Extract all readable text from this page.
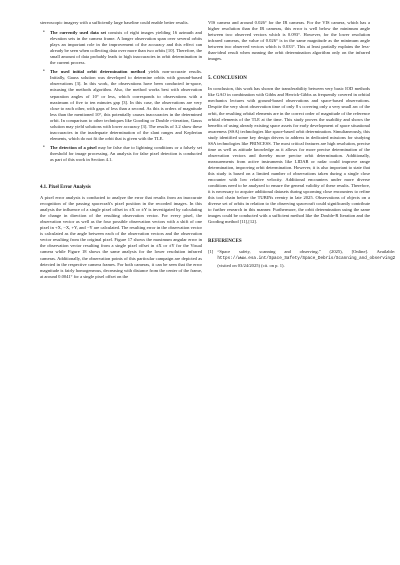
stereoscopic imagery with a sufficiently large baseline could enable better results.

• The currently used data set consists of eight images yielding 16 azimuth and elevation sets in the camera frame. A longer observation span over several orbits plays an important role in the improvement of the accuracy and this effect can already be seen when collecting data over more than two orbits [10]. Therefore, the small amount of data probably leads to high inaccuracies in orbit determination in the current process.
• The used initial orbit determination method yields non-accurate results. Initially, Gauss solution was developed to determine orbits with ground-based observations [3]. In this work, the observations have been conducted in-space, misusing the methods algorithm. Also, the method works best with observation separation angles of 10° or less, which corresponds to observations with a maximum of five to ten minutes gap [3]. In this case, the observations are very close to each other, with gaps of less than a second. As this is orders of magnitude less than the mentioned 10°, this potentially causes inaccuracies in the determined orbit. In comparison to other techniques like Gooding or Double r-iteration, Gauss solution may yield solutions with lower accuracy [3]. The results of 3.2 show these inaccuracies in the inadequate determination of the slant ranges and Keplerian elements, which do not fit the orbit that is given with the TLE.
• The detection of a pixel may be false due to lightning conditions or a falsely set threshold for image processing. An analysis for false pixel detection is conducted as part of this work in Section 4.1.
4.1. Pixel Error Analysis

A pixel error analysis is conducted to analyze the error that results from an inaccurate recognition of the passing spacecraft's pixel position in the recorded images. In this analysis the influence of a single pixel offset in ±X or ±Y is investigated by calculating the change in direction of the resulting observation vector. For every pixel, the observation vector as well as the four possible observation vectors with a shift of one pixel in +X, −X, +Y, and −Y are calculated. The resulting error in the observation vector is calculated as the angle between each of the observation vectors and the observation vector resulting from the original pixel. Figure 17 shows the maximum angular error in the observation vector resulting from a single pixel offset in ±X or ±Y for the Visual camera while Figure 18 shows the same analysis for the lower resolution infrared cameras. Additionally, the observation points of this particular campaign are depicted as detected in the respective camera frames. For both cameras, it can be seen that the error magnitude is fairly homogeneous, decreasing with distance from the center of the frame, at around 0.0041° for a single pixel offset on the

VIS camera and around 0.026° for the IR cameras. For the VIS camera, which has a higher resolution than the IR cameras, this error is well below the minimum angle between two observed vectors which is 0.093°. However, for the lower resolution infrared cameras, the value of 0.026° is in the same magnitude as the minimum angle between two observed vectors which is 0.033°. This at least partially explains the less-than-ideal result when running the orbit determination algorithm only on the infrared images.

5. CONCLUSION

In conclusion, this work has shown the transferability between very basic IOD methods like GAO in combination with Gibbs and Herrick-Gibbs as frequently covered in orbital mechanics lectures with ground-based observations and space-based observations. Despite the very short observation time of only 8 s covering only a very small arc of the orbit, the resulting orbital elements are in the correct order of magnitude of the reference orbital elements of the TLE at the time. This study proves the usability and shows the benefits of using already existing space assets for early development of space situational awareness (SSA) technologies like space-based orbit determination. Simultaneously, this study identified some key design drivers to address in dedicated missions for studying SSA technologies like PRINCESS. The most critical features are high resolution, precise time as well as attitude knowledge as it allows for more precise determination of the observation vectors and thereby more precise orbit determination. Additionally, measurements from active instruments like LIDAR or radar could improve range determination, improving orbit determination. However, it is also important to state that this study is based on a limited number of observations taken during a single close encounter with low relative velocity. Additional encounters under more diverse conditions need to be analyzed to ensure the general validity of these results. Therefore, it is necessary to acquire additional datasets during upcoming close encounters to refine this tool chain before the TUBINs reentry in late 2025. Observations of objects on a diverse set of orbits in relation to the observing spacecraft could significantly contribute to further research in this manner. Furthermore, the orbit determination using the same images could be conducted with a sufficient method like the Double-R Iteration and the Gooding method [11],[12].

REFERENCES
[1] “Space safety, scanning and observing.” (2025), [Online]. Available: https://www.esa.int/Space_Safety/Space_Debris/Scanning_and_observing2 (visited on 03/24/2025) (cit. on p. 1).
